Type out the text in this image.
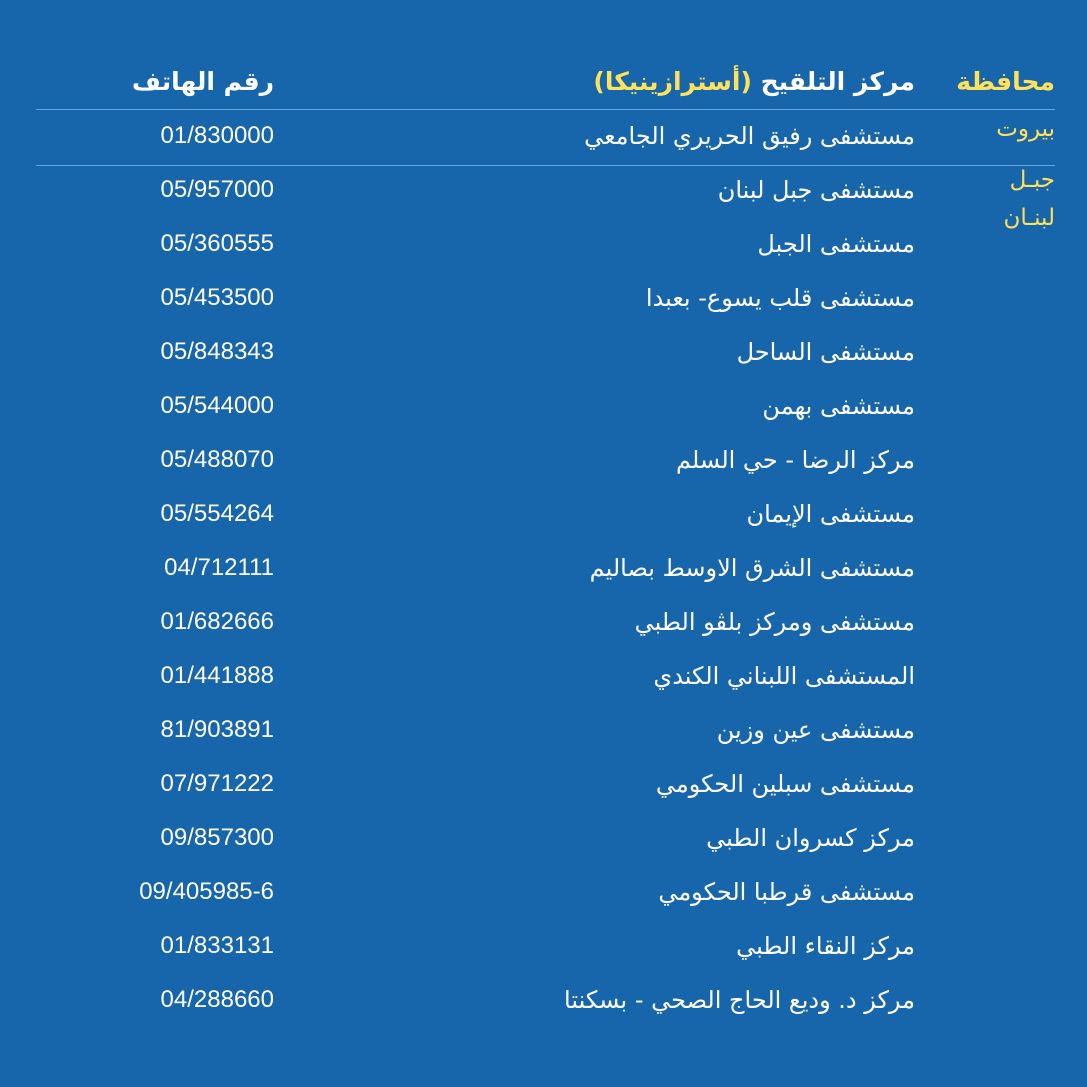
محافظة
مركز التلقيح (أسترازينيكا)
رقم الهاتف
بيروت
مستشفى رفيق الحريري الجامعي
01/830000
جبـل
لبنـان
مستشفى جبل لبنان
05/957000
مستشفى الجبل
05/360555
مستشفى قلب يسوع- بعبدا
05/453500
مستشفى الساحل
05/848343
مستشفى بهمن
05/544000
مركز الرضا - حي السلم
05/488070
مستشفى الإيمان
05/554264
مستشفى الشرق الاوسط بصاليم
04/712111
مستشفى ومركز بلڤو الطبي
01/682666
المستشفى اللبناني الكندي
01/441888
مستشفى عين وزين
81/903891
مستشفى سبلين الحكومي
07/971222
مركز كسروان الطبي
09/857300
مستشفى قرطبا الحكومي
09/405985-6
مركز النقاء الطبي
01/833131
مركز د. وديع الحاج الصحي - بسكنتا
04/288660
